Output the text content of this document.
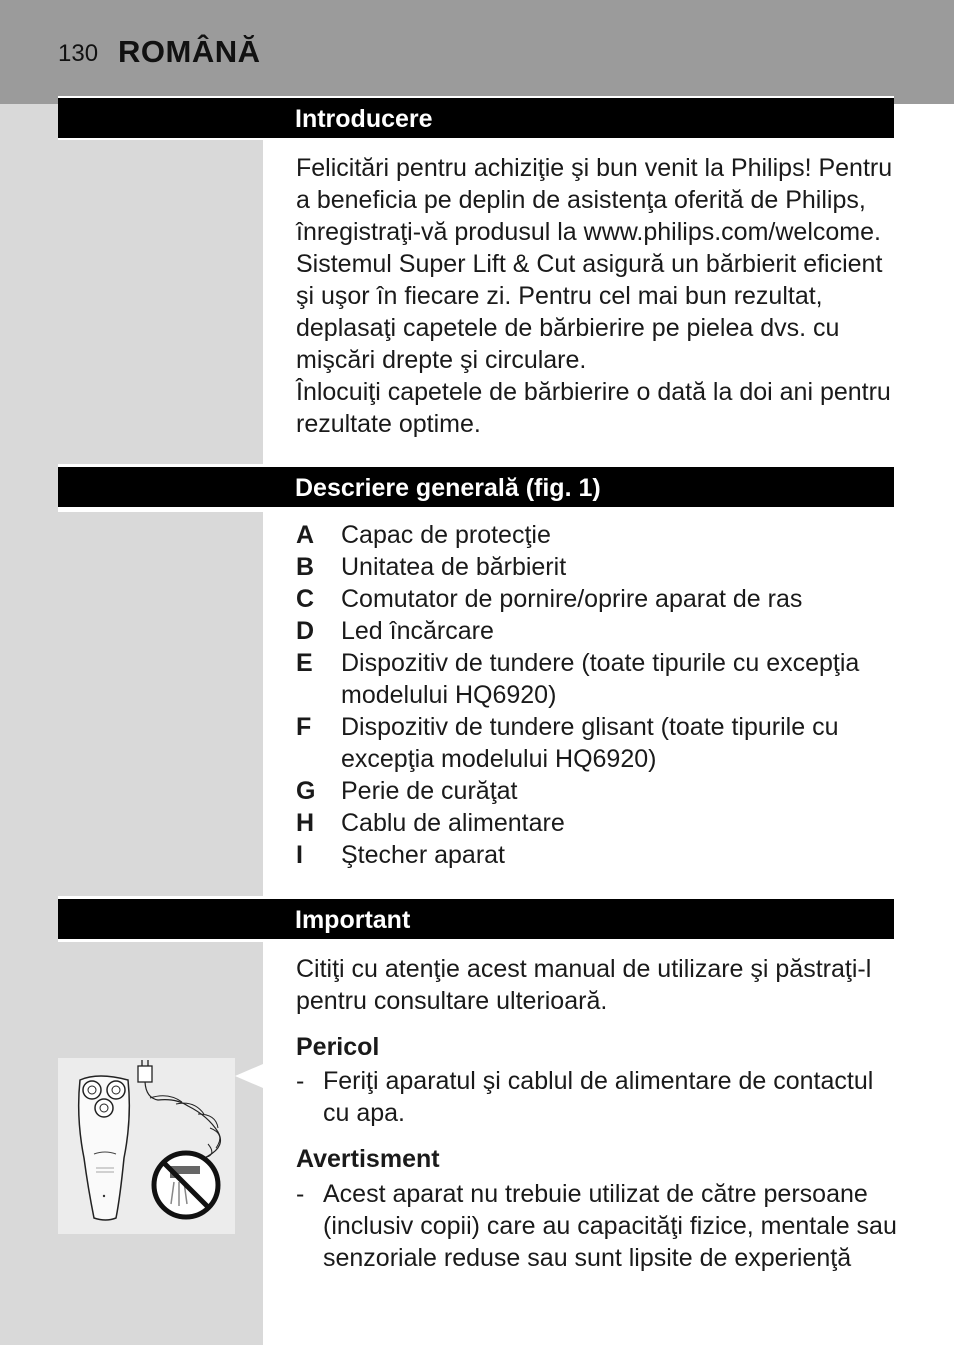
130 ROMÂNĂ
Introducere

Felicitări pentru achiziţie şi bun venit la Philips! Pentru a beneficia pe deplin de asistenţa oferită de Philips, înregistraţi-vă produsul la www.philips.com/welcome.

Sistemul Super Lift & Cut asigură un bărbierit eficient şi uşor în fiecare zi. Pentru cel mai bun rezultat, deplasaţi capetele de bărbierire pe pielea dvs. cu mişcări drepte şi circulare.

Înlocuiţi capetele de bărbierire o dată la doi ani pentru rezultate optime.

Descriere generală (fig. 1)
A	Capac de protecţie
B	Unitatea de bărbierit
C	Comutator de pornire/oprire aparat de ras
D	Led încărcare
E	Dispozitiv de tundere (toate tipurile cu excepţia modelului HQ6920)
F	Dispozitiv de tundere glisant (toate tipurile cu excepţia modelului HQ6920)
G	Perie de curăţat
H	Cablu de alimentare
I	Ştecher aparat
Important
Citiţi cu atenţie acest manual de utilizare şi păstraţi-l pentru consultare ulterioară.
Pericol
- Feriţi aparatul şi cablul de alimentare de contactul cu apa.
Avertisment
- Acest aparat nu trebuie utilizat de către persoane (inclusiv copii) care au capacităţi fizice, mentale sau senzoriale reduse sau sunt lipsite de experienţă
